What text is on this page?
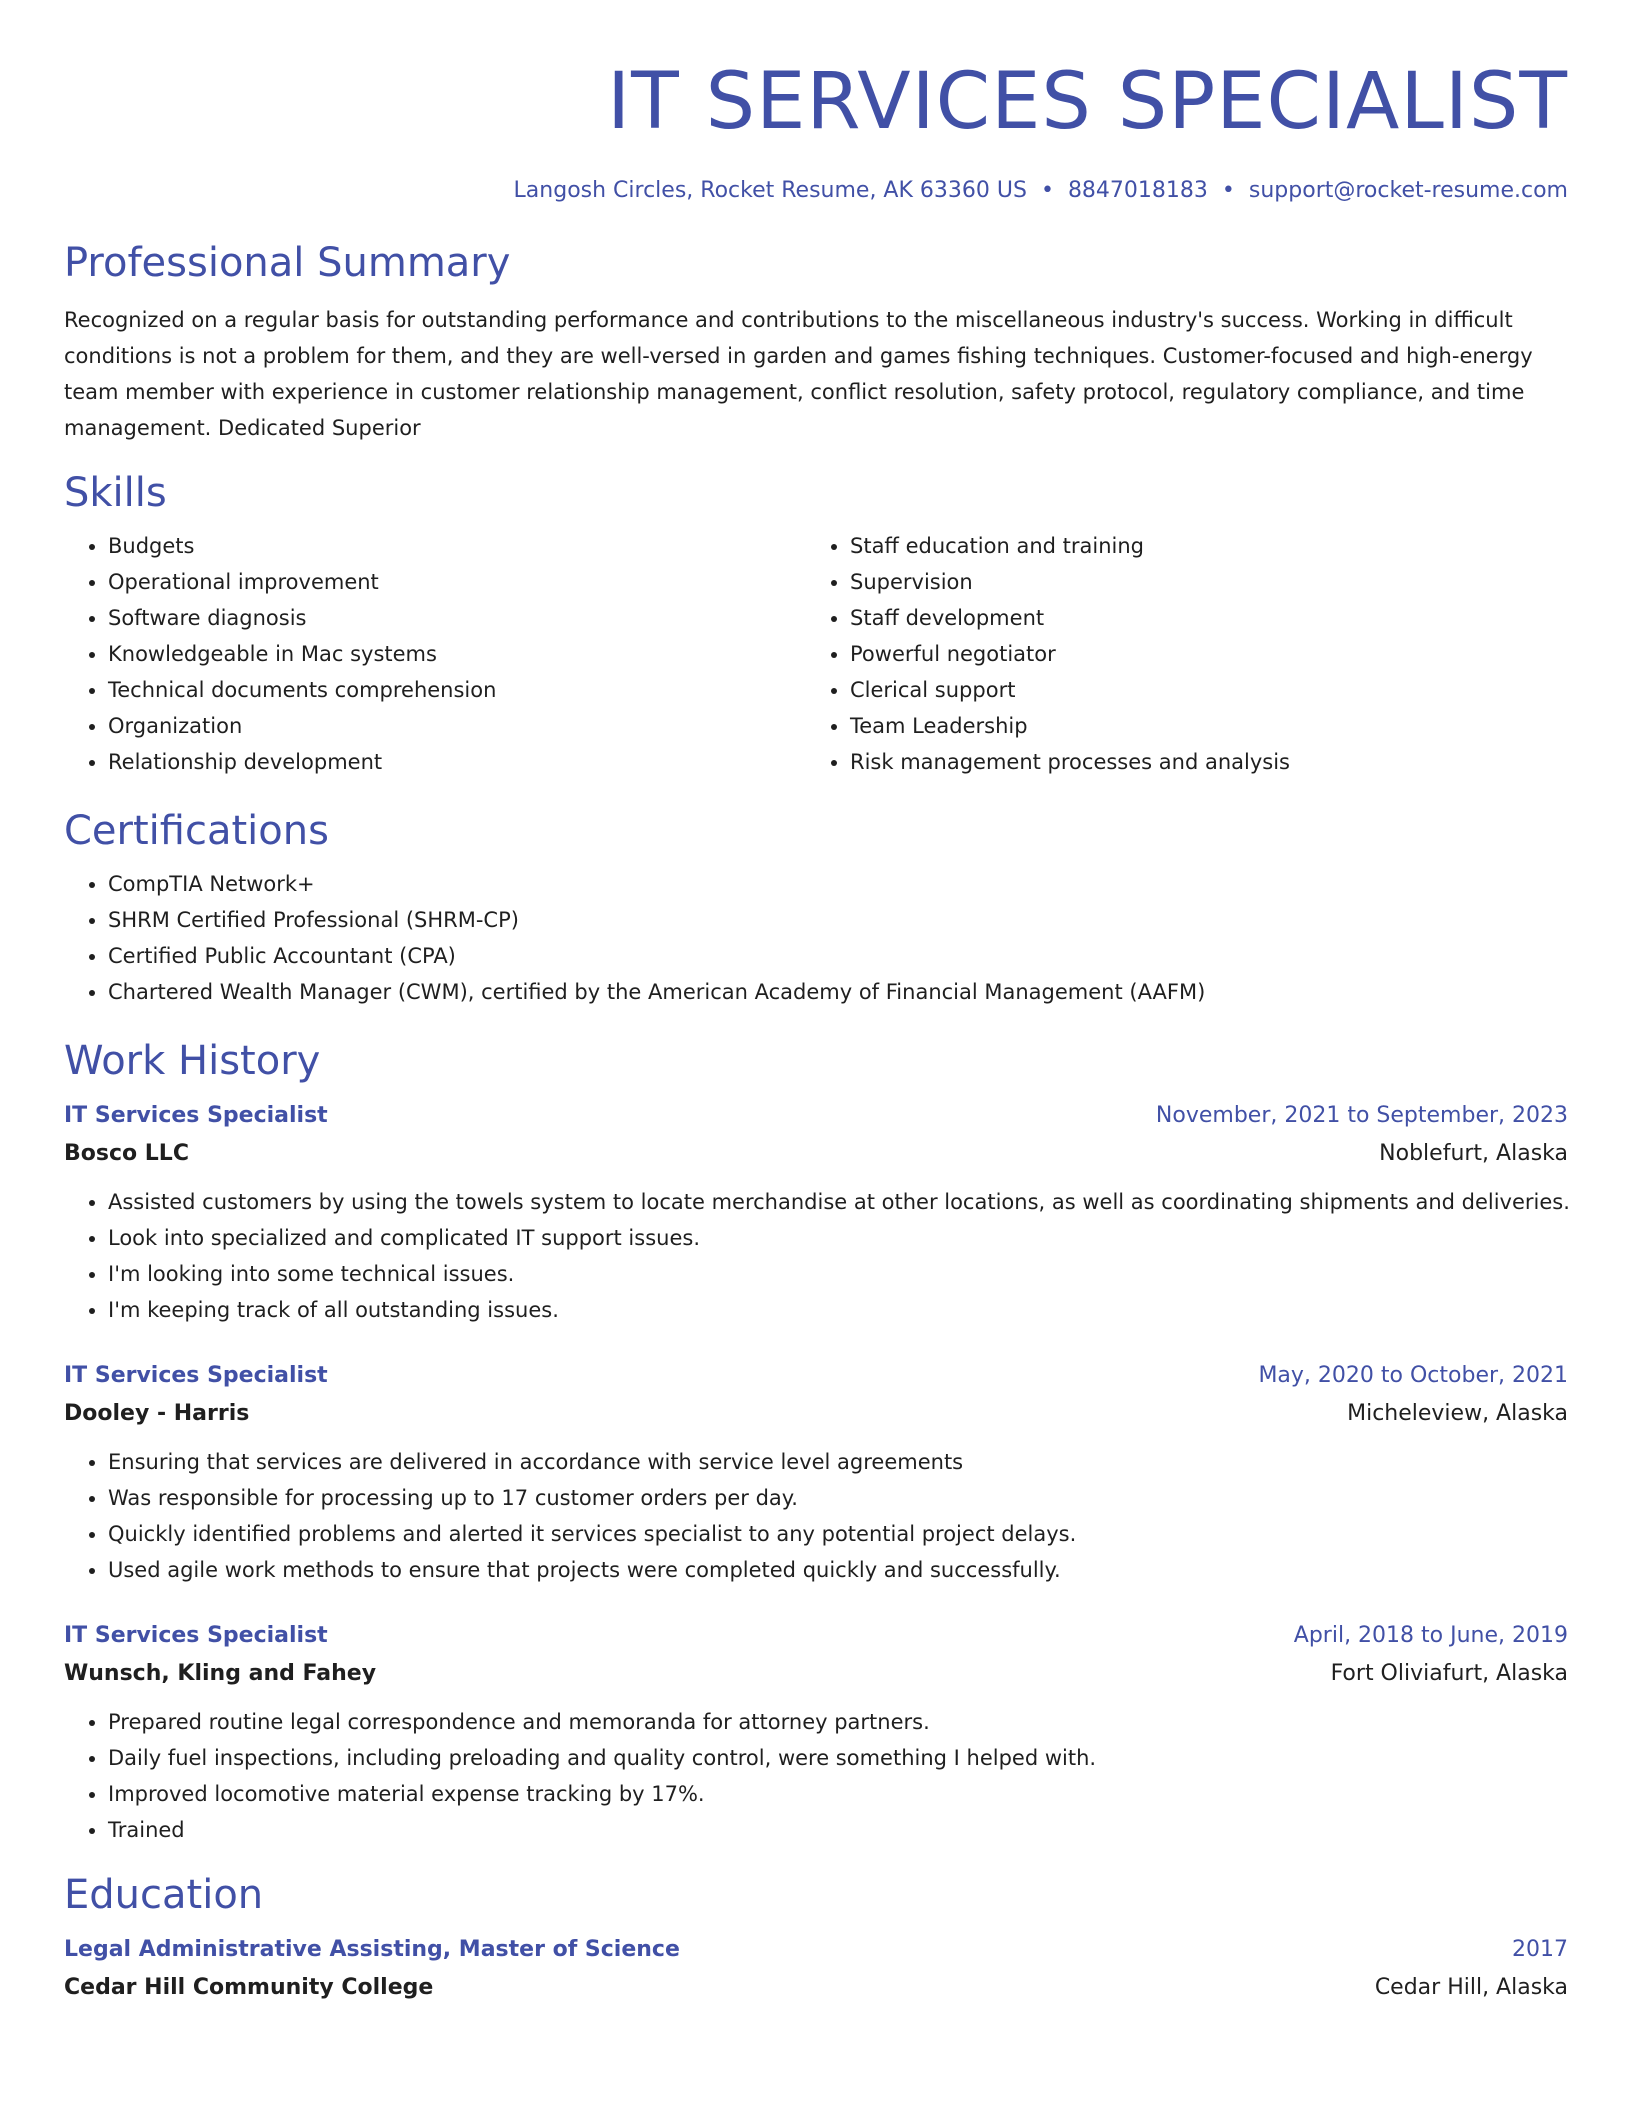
IT SERVICES SPECIALIST
Langosh Circles, Rocket Resume, AK 63360 US • 8847018183 • support@rocket-resume.com
Professional Summary

Recognized on a regular basis for outstanding performance and contributions to the miscellaneous industry's success. Working in difficult conditions is not a problem for them, and they are well-versed in garden and games fishing techniques. Customer-focused and high-energy team member with experience in customer relationship management, conflict resolution, safety protocol, regulatory compliance, and time management. Dedicated Superior

Skills
• Budgets
• Operational improvement
• Software diagnosis
• Knowledgeable in Mac systems
• Technical documents comprehension
• Organization
• Relationship development
• Staff education and training
• Supervision
• Staff development
• Powerful negotiator
• Clerical support
• Team Leadership
• Risk management processes and analysis
Certifications
• CompTIA Network+
• SHRM Certified Professional (SHRM-CP)
• Certified Public Accountant (CPA)
• Chartered Wealth Manager (CWM), certified by the American Academy of Financial Management (AAFM)
Work History
IT Services Specialist	November, 2021 to September, 2023
Bosco LLC	Noblefurt, Alaska
• Assisted customers by using the towels system to locate merchandise at other locations, as well as coordinating shipments and deliveries.
• Look into specialized and complicated IT support issues.
• I'm looking into some technical issues.
• I'm keeping track of all outstanding issues.
IT Services Specialist	May, 2020 to October, 2021
Dooley - Harris	Micheleview, Alaska
• Ensuring that services are delivered in accordance with service level agreements
• Was responsible for processing up to 17 customer orders per day.
• Quickly identified problems and alerted it services specialist to any potential project delays.
• Used agile work methods to ensure that projects were completed quickly and successfully.
IT Services Specialist	April, 2018 to June, 2019
Wunsch, Kling and Fahey	Fort Oliviafurt, Alaska
• Prepared routine legal correspondence and memoranda for attorney partners.
• Daily fuel inspections, including preloading and quality control, were something I helped with.
• Improved locomotive material expense tracking by 17%.
• Trained
Education
Legal Administrative Assisting, Master of Science	2017
Cedar Hill Community College	Cedar Hill, Alaska
